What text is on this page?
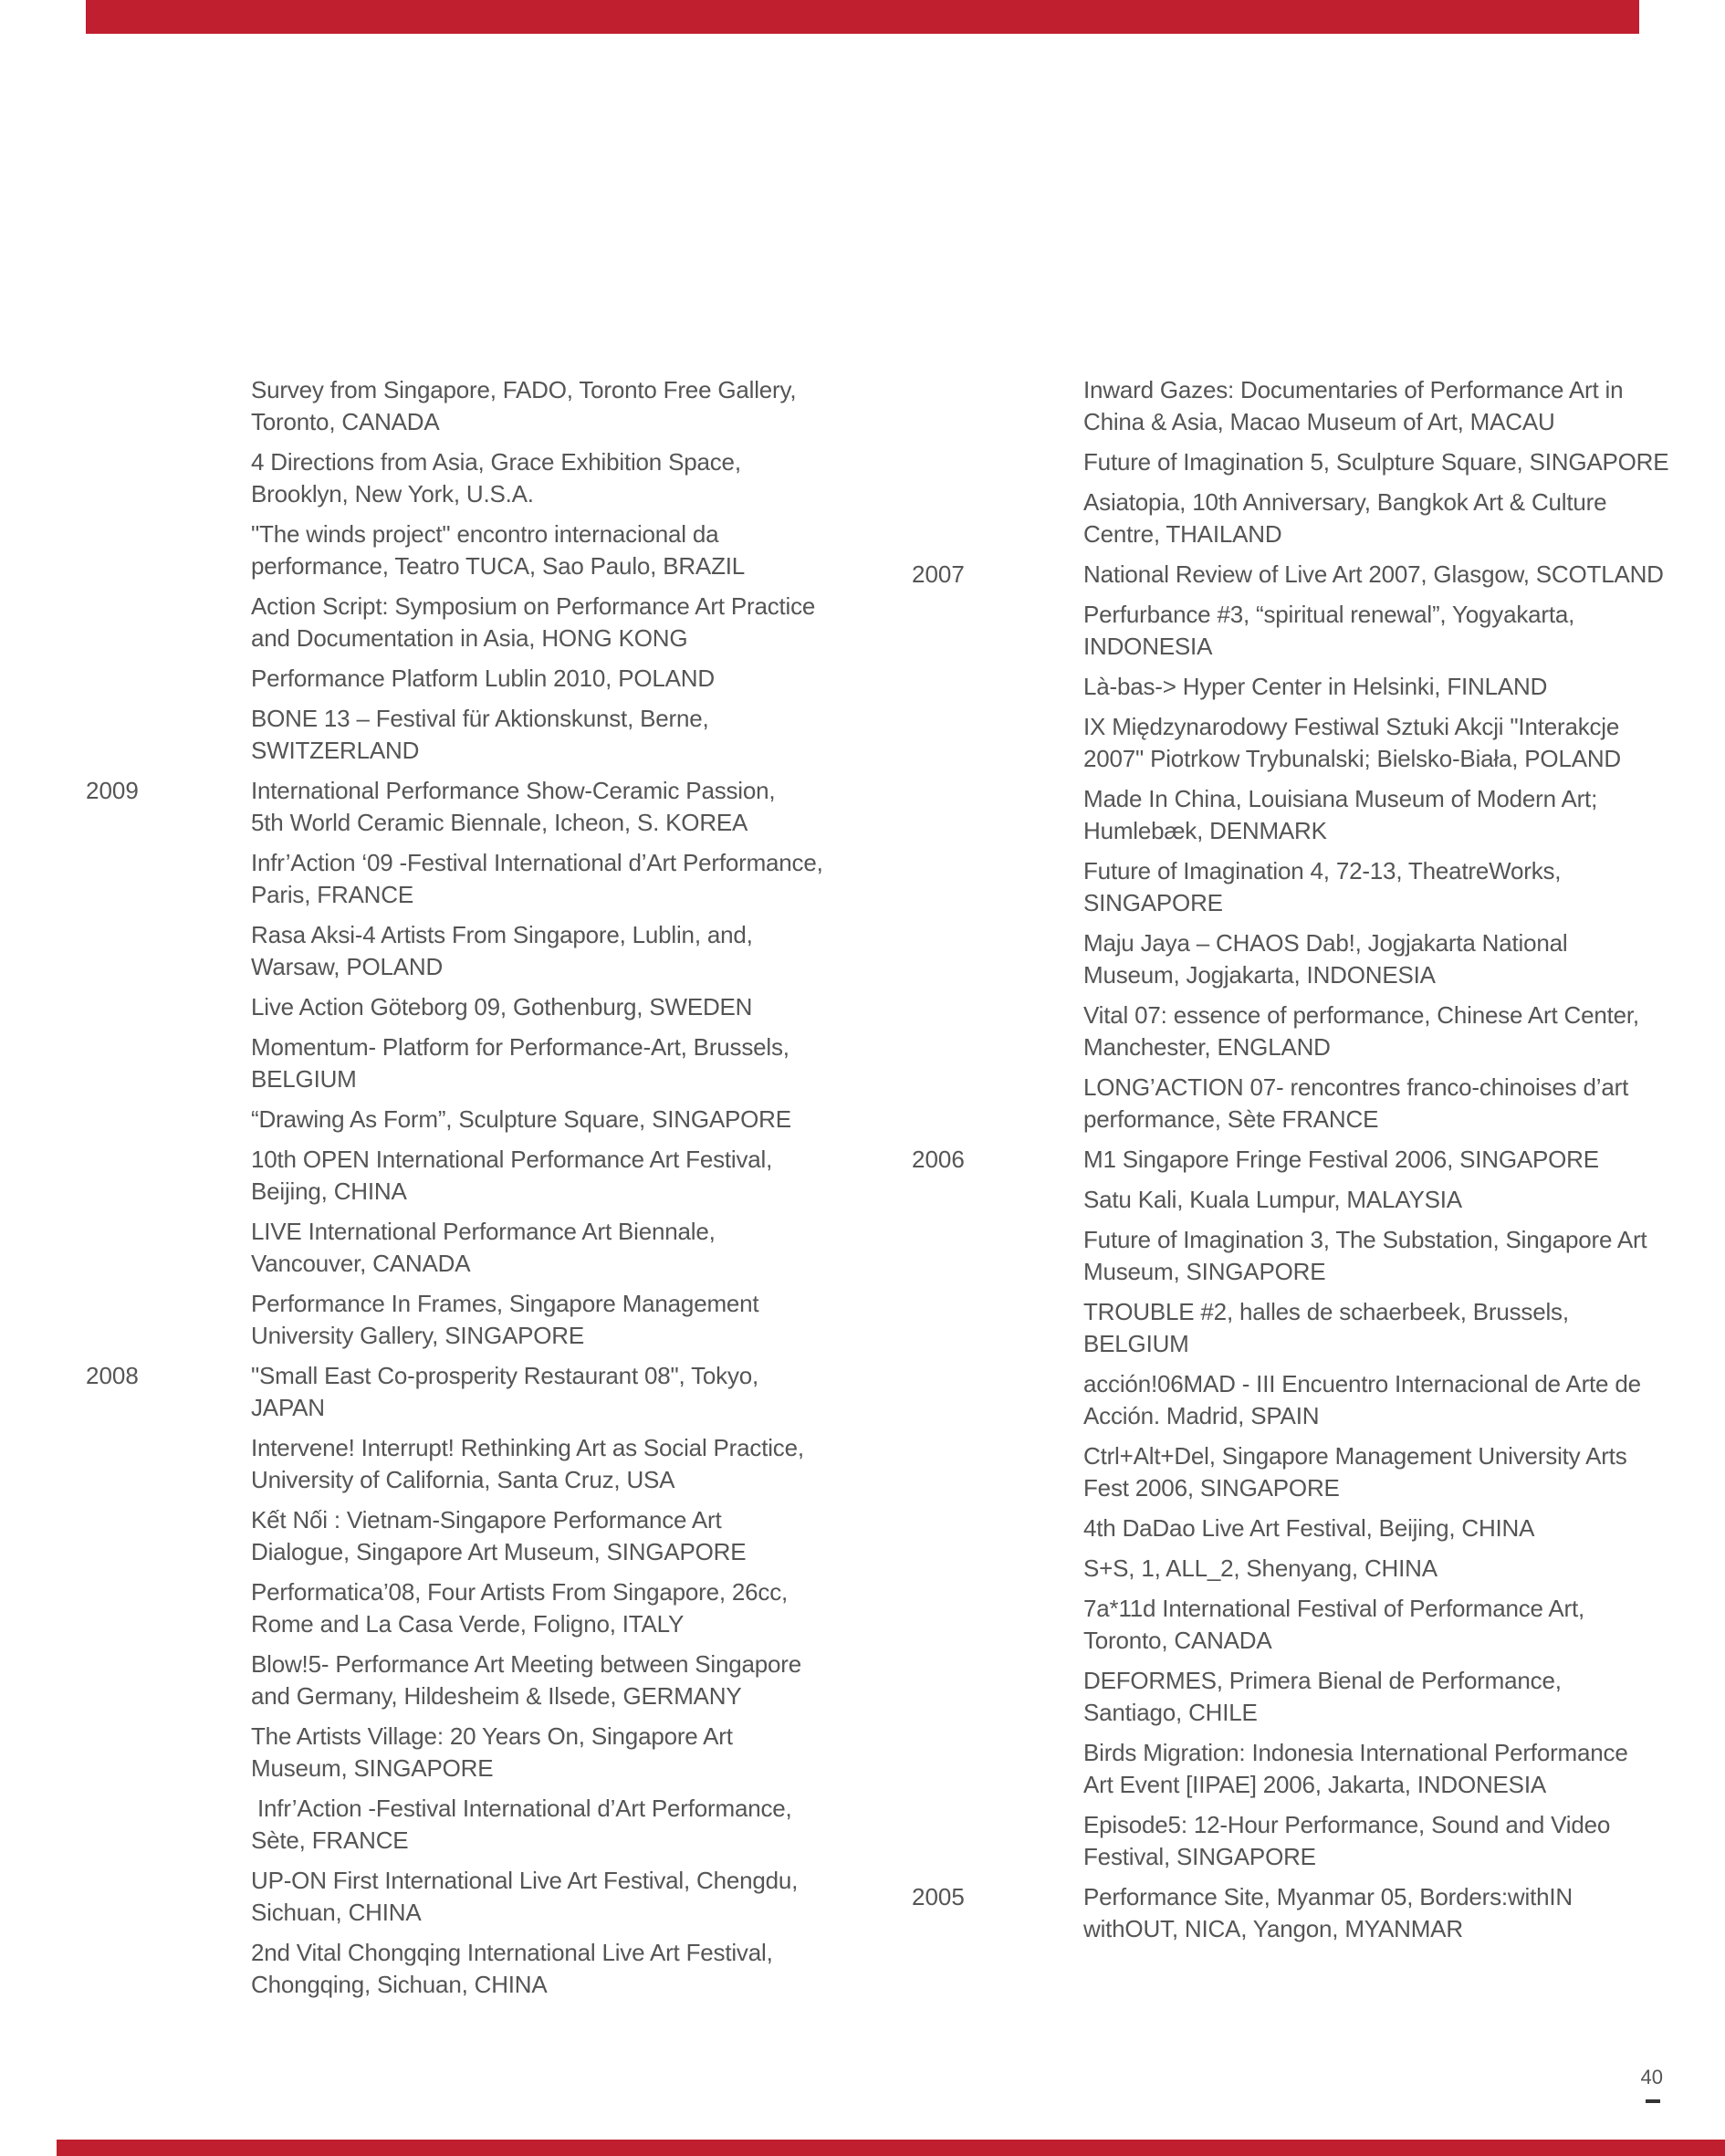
Survey from Singapore, FADO, Toronto Free Gallery,
Toronto, CANADA
4 Directions from Asia, Grace Exhibition Space,
Brooklyn, New York, U.S.A.
"The winds project" encontro internacional da
performance, Teatro TUCA, Sao Paulo, BRAZIL
Action Script: Symposium on Performance Art Practice
and Documentation in Asia, HONG KONG
Performance Platform Lublin 2010, POLAND
BONE 13 – Festival für Aktionskunst, Berne,
SWITZERLAND
2009	International Performance Show-Ceramic Passion,
5th World Ceramic Biennale, Icheon, S. KOREA
Infr’Action ‘09 -Festival International d’Art Performance,
Paris, FRANCE
Rasa Aksi-4 Artists From Singapore, Lublin, and,
Warsaw, POLAND
Live Action Göteborg 09, Gothenburg, SWEDEN
Momentum- Platform for Performance-Art, Brussels,
BELGIUM
“Drawing As Form”, Sculpture Square, SINGAPORE
10th OPEN International Performance Art Festival,
Beijing, CHINA
LIVE International Performance Art Biennale,
Vancouver, CANADA
Performance In Frames, Singapore Management
University Gallery, SINGAPORE
2008	"Small East Co-prosperity Restaurant 08", Tokyo,
JAPAN
Intervene! Interrupt! Rethinking Art as Social Practice,
University of California, Santa Cruz, USA
Kết Nối : Vietnam-Singapore Performance Art
Dialogue, Singapore Art Museum, SINGAPORE
Performatica’08, Four Artists From Singapore, 26cc,
Rome and La Casa Verde, Foligno, ITALY
Blow!5- Performance Art Meeting between Singapore
and Germany, Hildesheim & Ilsede, GERMANY
The Artists Village: 20 Years On, Singapore Art
Museum, SINGAPORE
Infr’Action -Festival International d’Art Performance,
Sète, FRANCE
UP-ON First International Live Art Festival, Chengdu,
Sichuan, CHINA
2nd Vital Chongqing International Live Art Festival,
Chongqing, Sichuan, CHINA
Inward Gazes: Documentaries of Performance Art in
China & Asia, Macao Museum of Art, MACAU
Future of Imagination 5, Sculpture Square, SINGAPORE
Asiatopia, 10th Anniversary, Bangkok Art & Culture
Centre, THAILAND
2007	National Review of Live Art 2007, Glasgow, SCOTLAND
Perfurbance #3, “spiritual renewal”, Yogyakarta,
INDONESIA
Là-bas-> Hyper Center in Helsinki, FINLAND
IX Międzynarodowy Festiwal Sztuki Akcji "Interakcje
2007" Piotrkow Trybunalski; Bielsko-Biała, POLAND
Made In China, Louisiana Museum of Modern Art;
Humlebæk, DENMARK
Future of Imagination 4, 72-13, TheatreWorks,
SINGAPORE
Maju Jaya – CHAOS Dab!, Jogjakarta National
Museum, Jogjakarta, INDONESIA
Vital 07: essence of performance, Chinese Art Center,
Manchester, ENGLAND
LONG’ACTION 07- rencontres franco-chinoises d’art
performance, Sète FRANCE
2006	M1 Singapore Fringe Festival 2006, SINGAPORE
Satu Kali, Kuala Lumpur, MALAYSIA
Future of Imagination 3, The Substation, Singapore Art
Museum, SINGAPORE
TROUBLE #2, halles de schaerbeek, Brussels,
BELGIUM
acción!06MAD - III Encuentro Internacional de Arte de
Acción. Madrid, SPAIN
Ctrl+Alt+Del, Singapore Management University Arts
Fest 2006, SINGAPORE
4th DaDao Live Art Festival, Beijing, CHINA
S+S, 1, ALL_2, Shenyang, CHINA
7a*11d International Festival of Performance Art,
Toronto, CANADA
DEFORMES, Primera Bienal de Performance,
Santiago, CHILE
Birds Migration: Indonesia International Performance
Art Event [IIPAE] 2006, Jakarta, INDONESIA
Episode5: 12-Hour Performance, Sound and Video
Festival, SINGAPORE
2005	Performance Site, Myanmar 05, Borders:withIN
withOUT, NICA, Yangon, MYANMAR
40
